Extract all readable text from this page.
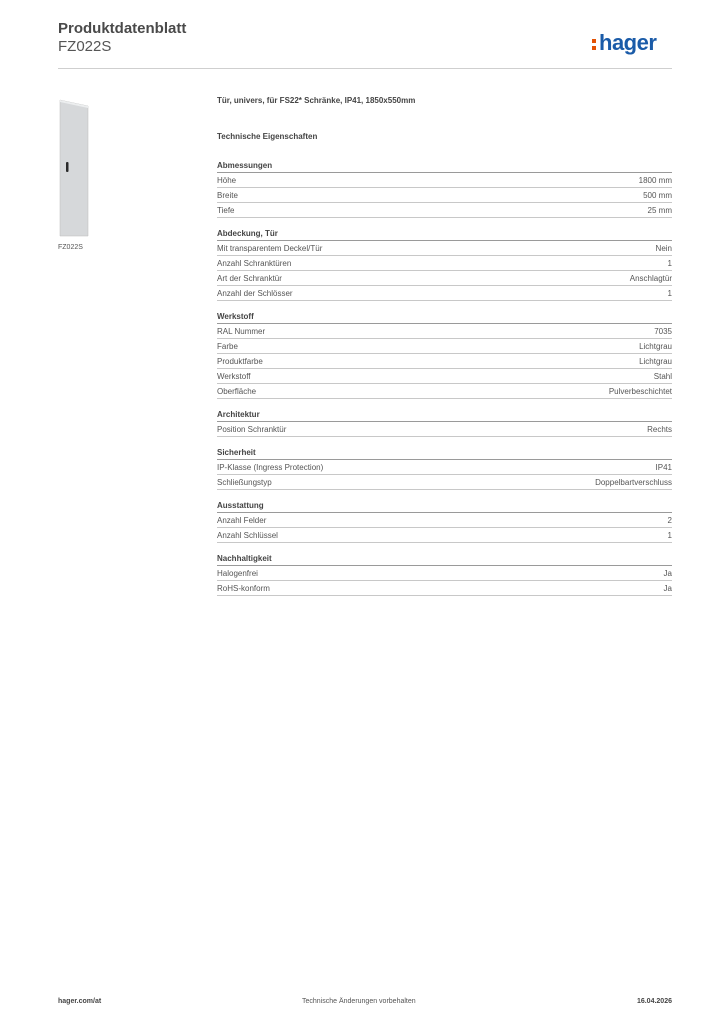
Produktdatenblatt
FZ022S	hager
FZ022S
Tür, univers, für FS22* Schränke, IP41, 1850x550mm
Technische Eigenschaften
Abmessungen
Höhe	1800 mm
Breite	500 mm
Tiefe	25 mm
Abdeckung, Tür
Mit transparentem Deckel/Tür	Nein
Anzahl Schranktüren	1
Art der Schranktür	Anschlagtür
Anzahl der Schlösser	1
Werkstoff
RAL Nummer	7035
Farbe	Lichtgrau
Produktfarbe	Lichtgrau
Werkstoff	Stahl
Oberfläche	Pulverbeschichtet
Architektur
Position Schranktür	Rechts
Sicherheit
IP-Klasse (Ingress Protection)	IP41
Schließungstyp	Doppelbartverschluss
Ausstattung
Anzahl Felder	2
Anzahl Schlüssel	1
Nachhaltigkeit
Halogenfrei	Ja
RoHS-konform	Ja
hager.com/at	Technische Änderungen vorbehalten	16.04.2026
